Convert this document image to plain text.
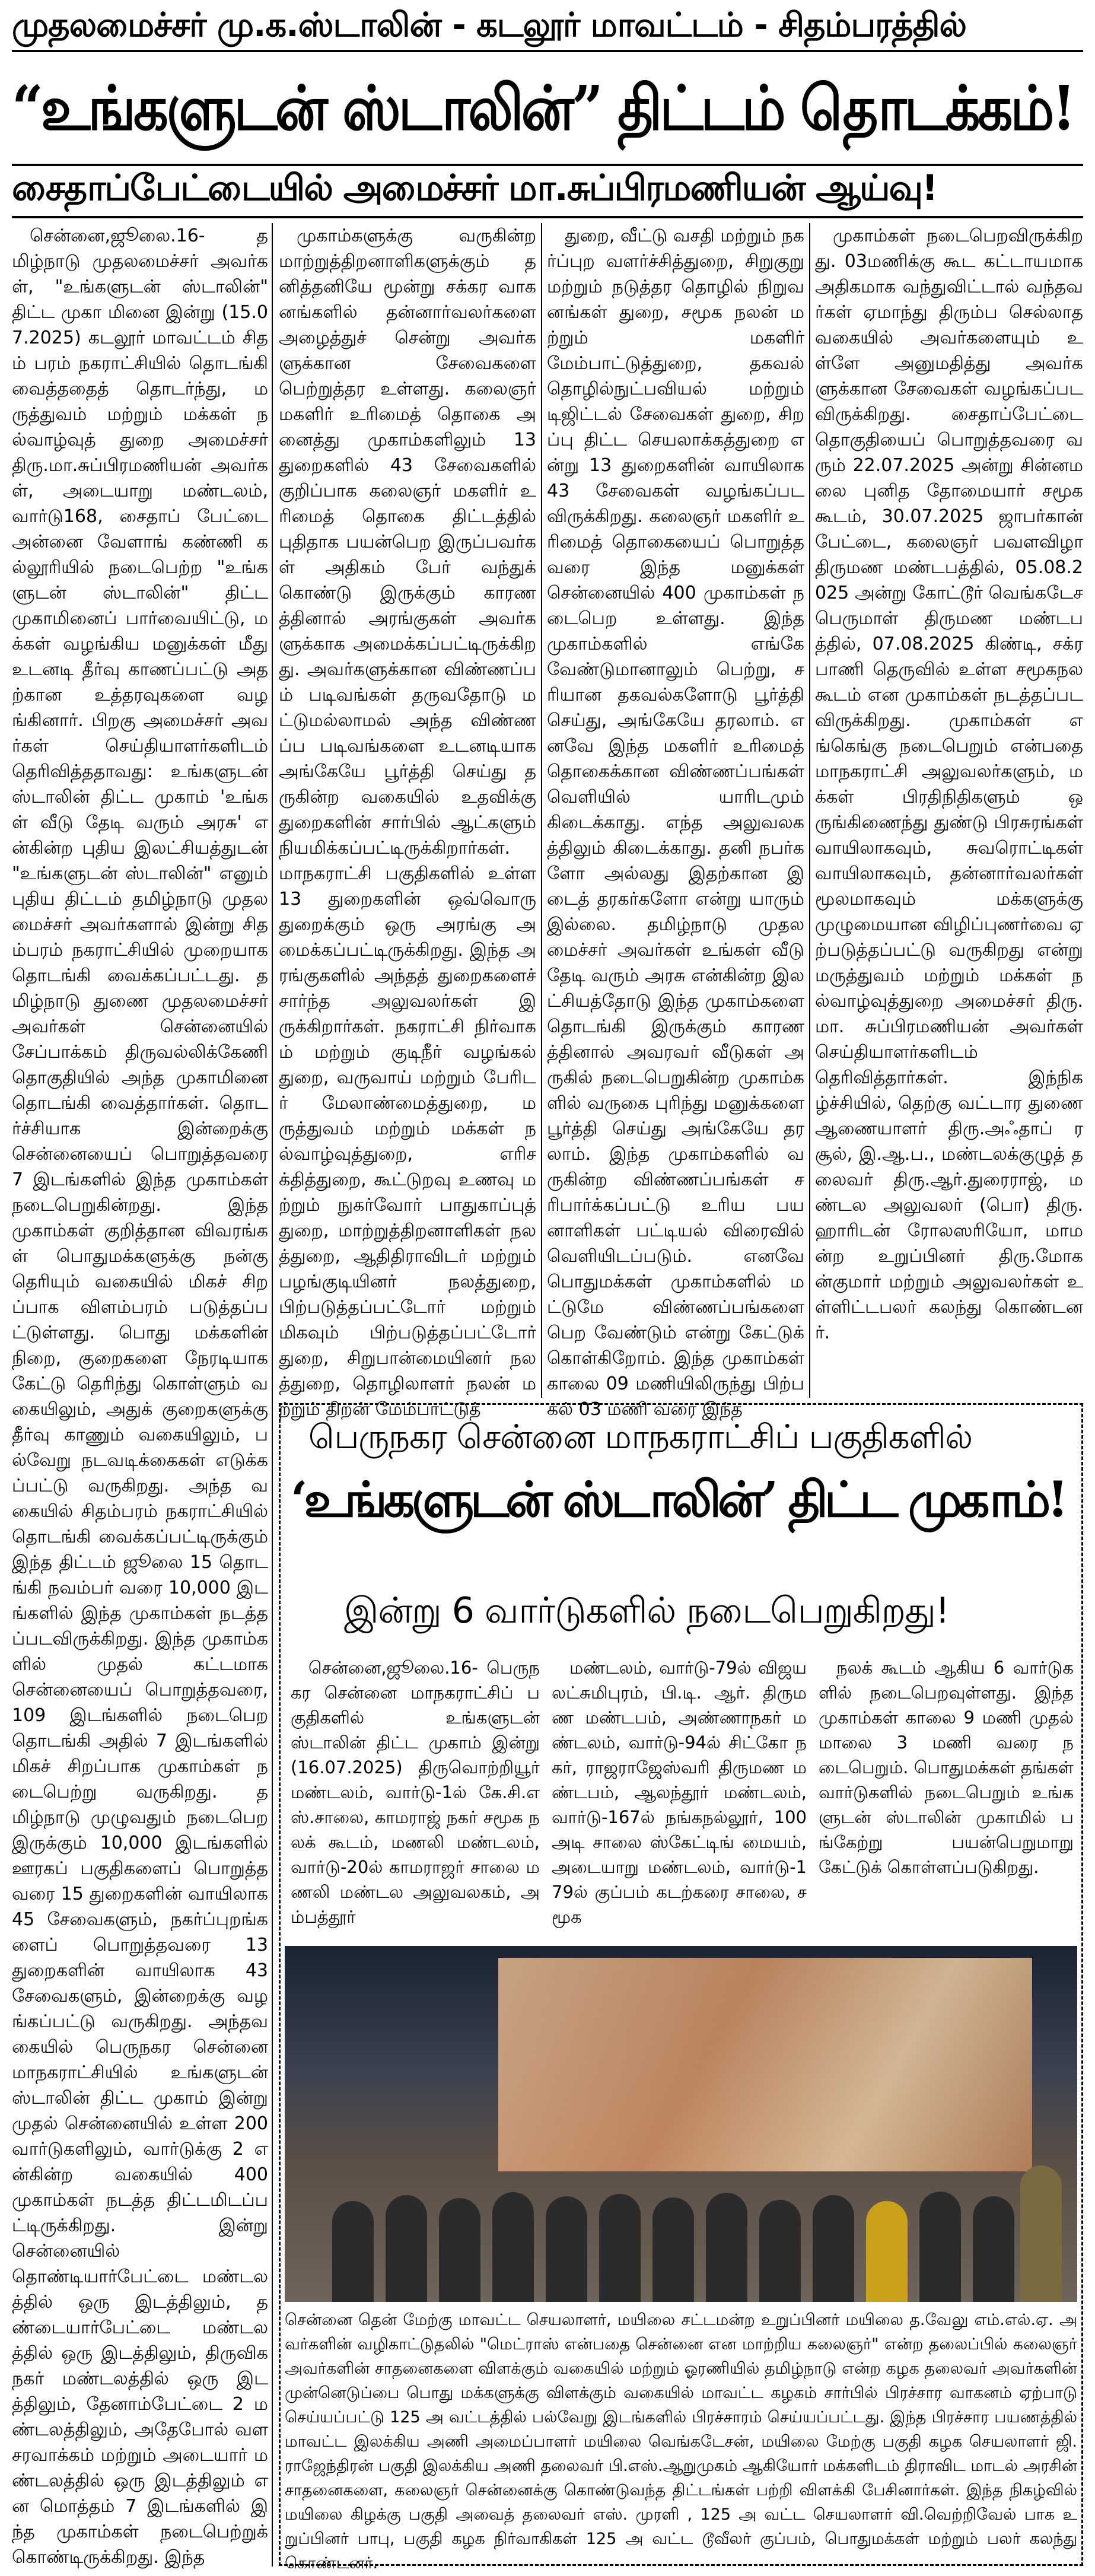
முதலமைச்சர் மு.க.ஸ்டாலின் - கடலூர் மாவட்டம் - சிதம்பரத்தில்
“உங்களுடன் ஸ்டாலின்” திட்டம் தொடக்கம்!
சைதாப்பேட்டையில் அமைச்சர் மா.சுப்பிரமணியன் ஆய்வு!

சென்னை,ஜூலை.16- தமிழ்நாடு முதலமைச்சர் அவர்கள், "உங்களுடன் ஸ்டாலின்" திட்ட முகா மினை இன்று (15.07.2025) கடலூர் மாவட்டம் சிதம் பரம் நகராட்சியில் தொடங்கி வைத்ததைத் தொடர்ந்து, மருத்துவம் மற்றும் மக்கள் நல்வாழ்வுத் துறை அமைச்சர் திரு.மா.சுப்பிரமணியன் அவர்கள், அடையாறு மண்டலம், வார்டு168, சைதாப் பேட்டை அன்னை வேளாங் கண்ணி கல்லூரியில் நடைபெற்ற "உங்களுடன் ஸ்டாலின்" திட்ட முகாமினைப் பார்வையிட்டு, மக்கள் வழங்கிய மனுக்கள் மீது உடனடி தீர்வு காணப்பட்டு அதற்கான உத்தரவுகளை வழங்கினார். பிறகு அமைச்சர் அவர்கள் செய்தியாளர்களிடம் தெரிவித்ததாவது: உங்களுடன் ஸ்டாலின் திட்ட முகாம் 'உங்கள் வீடு தேடி வரும் அரசு' என்கின்ற புதிய இலட்சியத்துடன் "உங்களுடன் ஸ்டாலின்" எனும் புதிய திட்டம் தமிழ்நாடு முதலமைச்சர் அவர்களால் இன்று சிதம்பரம் நகராட்சியில் முறையாக தொடங்கி வைக்கப்பட்டது. தமிழ்நாடு துணை முதலமைச்சர் அவர்கள் சென்னையில் சேப்பாக்கம் திருவல்லிக்கேணி தொகுதியில் அந்த முகாமினை தொடங்கி வைத்தார்கள். தொடர்ச்சியாக இன்றைக்கு சென்னையைப் பொறுத்தவரை 7 இடங்களில் இந்த முகாம்கள் நடைபெறுகின்றது. இந்த முகாம்கள் குறித்தான விவரங்கள் பொதுமக்களுக்கு நன்கு தெரியும் வகையில் மிகச் சிறப்பாக விளம்பரம் படுத்தப்பட்டுள்ளது. பொது மக்களின் நிறை, குறைகளை நேரடியாக கேட்டு தெரிந்து கொள்ளும் வகையிலும், அதுக் குறைகளுக்கு தீர்வு காணும் வகையிலும், பல்வேறு நடவடிக்கைகள் எடுக்கப்பட்டு வருகிறது. அந்த வகையில் சிதம்பரம் நகராட்சியில் தொடங்கி வைக்கப்பட்டிருக்கும் இந்த திட்டம் ஜூலை 15 தொடங்கி நவம்பர் வரை 10,000 இடங்களில் இந்த முகாம்கள் நடத்தப்படவிருக்கிறது. இந்த முகாம்களில் முதல் கட்டமாக சென்னையைப் பொறுத்தவரை, 109 இடங்களில் நடைபெற தொடங்கி அதில் 7 இடங்களில் மிகச் சிறப்பாக முகாம்கள் நடைபெற்று வருகிறது. தமிழ்நாடு முழுவதும் நடைபெற இருக்கும் 10,000 இடங்களில் ஊரகப் பகுதிகளைப் பொறுத்தவரை 15 துறைகளின் வாயிலாக 45 சேவைகளும், நகர்ப்புறங்களைப் பொறுத்தவரை 13 துறைகளின் வாயிலாக 43 சேவைகளும், இன்றைக்கு வழங்கப்பட்டு வருகிறது. அந்தவகையில் பெருநகர சென்னை மாநகராட்சியில் உங்களுடன் ஸ்டாலின் திட்ட முகாம் இன்று முதல் சென்னையில் உள்ள 200 வார்டுகளிலும், வார்டுக்கு 2 என்கின்ற வகையில் 400 முகாம்கள் நடத்த திட்டமிடப்பட்டிருக்கிறது. இன்று சென்னையில் தொண்டியார்பேட்டை மண்டலத்தில் ஒரு இடத்திலும், தண்டையார்பேட்டை மண்டலத்தில் ஒரு இடத்திலும், திருவிக நகர் மண்டலத்தில் ஒரு இடத்திலும், தேனாம்பேட்டை 2 மண்டலத்திலும், அதேபோல் வளசரவாக்கம் மற்றும் அடையார் மண்டலத்தில் ஒரு இடத்திலும் என மொத்தம் 7 இடங்களில் இந்த முகாம்கள் நடைபெற்றுக் கொண்டிருக்கிறது. இந்த

முகாம்களுக்கு வருகின்ற மாற்றுத்திறனாளிகளுக்கும் தனித்தனியே மூன்று சக்கர வாகனங்களில் தன்னார்வலர்களை அழைத்துச் சென்று அவர்களுக்கான சேவைகளை பெற்றுத்தர உள்ளது. கலைஞர் மகளிர் உரிமைத் தொகை அனைத்து முகாம்களிலும் 13 துறைகளில் 43 சேவைகளில் குறிப்பாக கலைஞர் மகளிர் உரிமைத் தொகை திட்டத்தில் புதிதாக பயன்பெற இருப்பவர்கள் அதிகம் பேர் வந்துக் கொண்டு இருக்கும் காரணத்தினால் அரங்குகள் அவர்களுக்காக அமைக்கப்பட்டிருக்கிறது. அவர்களுக்கான விண்ணப்பம் படிவங்கள் தருவதோடு மட்டுமல்லாமல் அந்த விண்ணப்ப படிவங்களை உடனடியாக அங்கேயே பூர்த்தி செய்து தருகின்ற வகையில் உதவிக்கு துறைகளின் சார்பில் ஆட்களும் நியமிக்கப்பட்டிருக்கிறார்கள். மாநகராட்சி பகுதிகளில் உள்ள 13 துறைகளின் ஒவ்வொரு துறைக்கும் ஒரு அரங்கு அமைக்கப்பட்டிருக்கிறது. இந்த அரங்குகளில் அந்தத் துறைகளைச் சார்ந்த அலுவலர்கள் இருக்கிறார்கள். நகராட்சி நிர்வாகம் மற்றும் குடிநீர் வழங்கல் துறை, வருவாய் மற்றும் பேரிடர் மேலாண்மைத்துறை, மருத்துவம் மற்றும் மக்கள் நல்வாழ்வுத்துறை, எரிசக்தித்துறை, கூட்டுறவு உணவு மற்றும் நுகர்வோர் பாதுகாப்புத் துறை, மாற்றுத்திறனாளிகள் நலத்துறை, ஆதிதிராவிடர் மற்றும் பழங்குடியினர் நலத்துறை, பிற்படுத்தப்பட்டோர் மற்றும் மிகவும் பிற்படுத்தப்பட்டோர் துறை, சிறுபான்மையினர் நலத்துறை, தொழிலாளர் நலன் மற்றும் திறன் மேம்பாட்டுத்

துறை, வீட்டு வசதி மற்றும் நகர்ப்புற வளர்ச்சித்துறை, சிறுகுறு மற்றும் நடுத்தர தொழில் நிறுவனங்கள் துறை, சமூக நலன் மற்றும் மகளிர் மேம்பாட்டுத்துறை, தகவல் தொழில்நுட்பவியல் மற்றும் டிஜிட்டல் சேவைகள் துறை, சிறப்பு திட்ட செயலாக்கத்துறை என்று 13 துறைகளின் வாயிலாக 43 சேவைகள் வழங்கப்படவிருக்கிறது. கலைஞர் மகளிர் உரிமைத் தொகையைப் பொறுத்தவரை இந்த மனுக்கள் சென்னையில் 400 முகாம்கள் நடைபெற உள்ளது. இந்த முகாம்களில் எங்கே வேண்டுமானாலும் பெற்று, சரியான தகவல்களோடு பூர்த்தி செய்து, அங்கேயே தரலாம். எனவே இந்த மகளிர் உரிமைத் தொகைக்கான விண்ணப்பங்கள் வெளியில் யாரிடமும் கிடைக்காது. எந்த அலுவலகத்திலும் கிடைக்காது. தனி நபர்களோ அல்லது இதற்கான இடைத் தரகர்களோ என்று யாரும் இல்லை. தமிழ்நாடு முதலமைச்சர் அவர்கள் உங்கள் வீடு தேடி வரும் அரசு என்கின்ற இலட்சியத்தோடு இந்த முகாம்களை தொடங்கி இருக்கும் காரணத்தினால் அவரவர் வீடுகள் அருகில் நடைபெறுகின்ற முகாம்களில் வருகை புரிந்து மனுக்களை பூர்த்தி செய்து அங்கேயே தரலாம். இந்த முகாம்களில் வருகின்ற விண்ணப்பங்கள் சரிபார்க்கப்பட்டு உரிய பயனாளிகள் பட்டியல் விரைவில் வெளியிடப்படும். எனவே பொதுமக்கள் முகாம்களில் மட்டுமே விண்ணப்பங்களை பெற வேண்டும் என்று கேட்டுக் கொள்கிறோம். இந்த முகாம்கள் காலை 09 மணியிலிருந்து பிற்பகல் 03 மணி வரை இந்த

முகாம்கள் நடைபெறவிருக்கிறது. 03மணிக்கு கூட கட்டாயமாக அதிகமாக வந்துவிட்டால் வந்தவர்கள் ஏமாந்து திரும்ப செல்லாத வகையில் அவர்களையும் உள்ளே அனுமதித்து அவர்களுக்கான சேவைகள் வழங்கப்படவிருக்கிறது. சைதாப்பேட்டை தொகுதியைப் பொறுத்தவரை வரும் 22.07.2025 அன்று சின்னமலை புனித தோமையார் சமூக கூடம், 30.07.2025 ஜாபர்கான் பேட்டை, கலைஞர் பவளவிழா திருமண மண்டபத்தில், 05.08.2025 அன்று கோட்டூர் வெங்கடேச பெருமாள் திருமண மண்டபத்தில், 07.08.2025 கிண்டி, சக்ரபாணி தெருவில் உள்ள சமூகநல கூடம் என முகாம்கள் நடத்தப்படவிருக்கிறது. முகாம்கள் எங்கெங்கு நடைபெறும் என்பதை மாநகராட்சி அலுவலர்களும், மக்கள் பிரதிநிதிகளும் ஒருங்கிணைந்து துண்டு பிரசுரங்கள் வாயிலாகவும், சுவரொட்டிகள் வாயிலாகவும், தன்னார்வலர்கள் மூலமாகவும் மக்களுக்கு முழுமையான விழிப்புணர்வை ஏற்படுத்தப்பட்டு வருகிறது என்று மருத்துவம் மற்றும் மக்கள் நல்வாழ்வுத்துறை அமைச்சர் திரு.மா. சுப்பிரமணியன் அவர்கள் செய்தியாளர்களிடம் தெரிவித்தார்கள். இந்நிகழ்ச்சியில், தெற்கு வட்டார துணை ஆணையாளர் திரு.அஃதாப் ரசூல், இ.ஆ.ப., மண்டலக்குழுத் தலைவர் திரு.ஆர்.துரைராஜ், மண்டல அலுவலர் (பொ) திரு.ஹாரிடன் ரோலஸரியோ, மாமன்ற உறுப்பினர் திரு.மோகன்குமார் மற்றும் அலுவலர்கள் உள்ளிட்டபலர் கலந்து கொண்டனர்.

பெருநகர சென்னை மாநகராட்சிப் பகுதிகளில்
‘உங்களுடன் ஸ்டாலின்’ திட்ட முகாம்!
இன்று 6 வார்டுகளில் நடைபெறுகிறது!

சென்னை,ஜூலை.16- பெருநகர சென்னை மாநகராட்சிப் பகுதிகளில் உங்களுடன் ஸ்டாலின் திட்ட முகாம் இன்று (16.07.2025) திருவொற்றியூர் மண்டலம், வார்டு-1ல் கே.சி.எஸ்.சாலை, காமராஜ் நகர் சமூக நலக் கூடம், மணலி மண்டலம், வார்டு-20ல் காமராஜர் சாலை மணலி மண்டல அலுவலகம், அம்பத்தூர்

மண்டலம், வார்டு-79ல் விஜயலட்சுமிபுரம், பி.டி. ஆர். திருமண மண்டபம், அண்ணாநகர் மண்டலம், வார்டு-94ல் சிட்கோ நகர், ராஜராஜேஸ்வரி திருமண மண்டபம், ஆலந்தூர் மண்டலம், வார்டு-167ல் நங்கநல்லூர், 100அடி சாலை ஸ்கேட்டிங் மையம், அடையாறு மண்டலம், வார்டு-179ல் குப்பம் கடற்கரை சாலை, சமூக

நலக் கூடம் ஆகிய 6 வார்டுகளில் நடைபெறவுள்ளது. இந்த முகாம்கள் காலை 9 மணி முதல் மாலை 3 மணி வரை நடைபெறும். பொதுமக்கள் தங்கள் வார்டுகளில் நடைபெறும் உங்களுடன் ஸ்டாலின் முகாமில் பங்கேற்று பயன்பெறுமாறு கேட்டுக் கொள்ளப்படுகிறது.

சென்னை தென் மேற்கு மாவட்ட செயலாளர், மயிலை சட்டமன்ற உறுப்பினர் மயிலை த.வேலு எம்.எல்.ஏ. அவர்களின் வழிகாட்டுதலில் "மெட்ராஸ் என்பதை சென்னை என மாற்றிய கலைஞர்" என்ற தலைப்பில் கலைஞர் அவர்களின் சாதனைகளை விளக்கும் வகையில் மற்றும் ஓரணியில் தமிழ்நாடு என்ற கழக தலைவர் அவர்களின் முன்னெடுப்பை பொது மக்களுக்கு விளக்கும் வகையில் மாவட்ட கழகம் சார்பில் பிரச்சார வாகனம் ஏற்பாடு செய்யப்பட்டு 125 அ வட்டத்தில் பல்வேறு இடங்களில் பிரச்சாரம் செய்யப்பட்டது. இந்த பிரச்சார பயணத்தில் மாவட்ட இலக்கிய அணி அமைப்பாளர் மயிலை வெங்கடேசன், மயிலை மேற்கு பகுதி கழக செயலாளர் ஜி.ராஜேந்திரன் பகுதி இலக்கிய அணி தலைவர் பி.எஸ்.ஆறுமுகம் ஆகியோர் மக்களிடம் திராவிட மாடல் அரசின் சாதனைகளை, கலைஞர் சென்னைக்கு கொண்டுவந்த திட்டங்கள் பற்றி விளக்கி பேசினார்கள். இந்த நிகழ்வில் மயிலை கிழக்கு பகுதி அவைத் தலைவர் எஸ். முரளி , 125 அ வட்ட செயலாளர் வி.வெற்றிவேல் பாக உறுப்பினர் பாபு, பகுதி கழக நிர்வாகிகள் 125 அ வட்ட டூவீலர் குப்பம், பொதுமக்கள் மற்றும் பலர் கலந்து கொண்டனர்.
